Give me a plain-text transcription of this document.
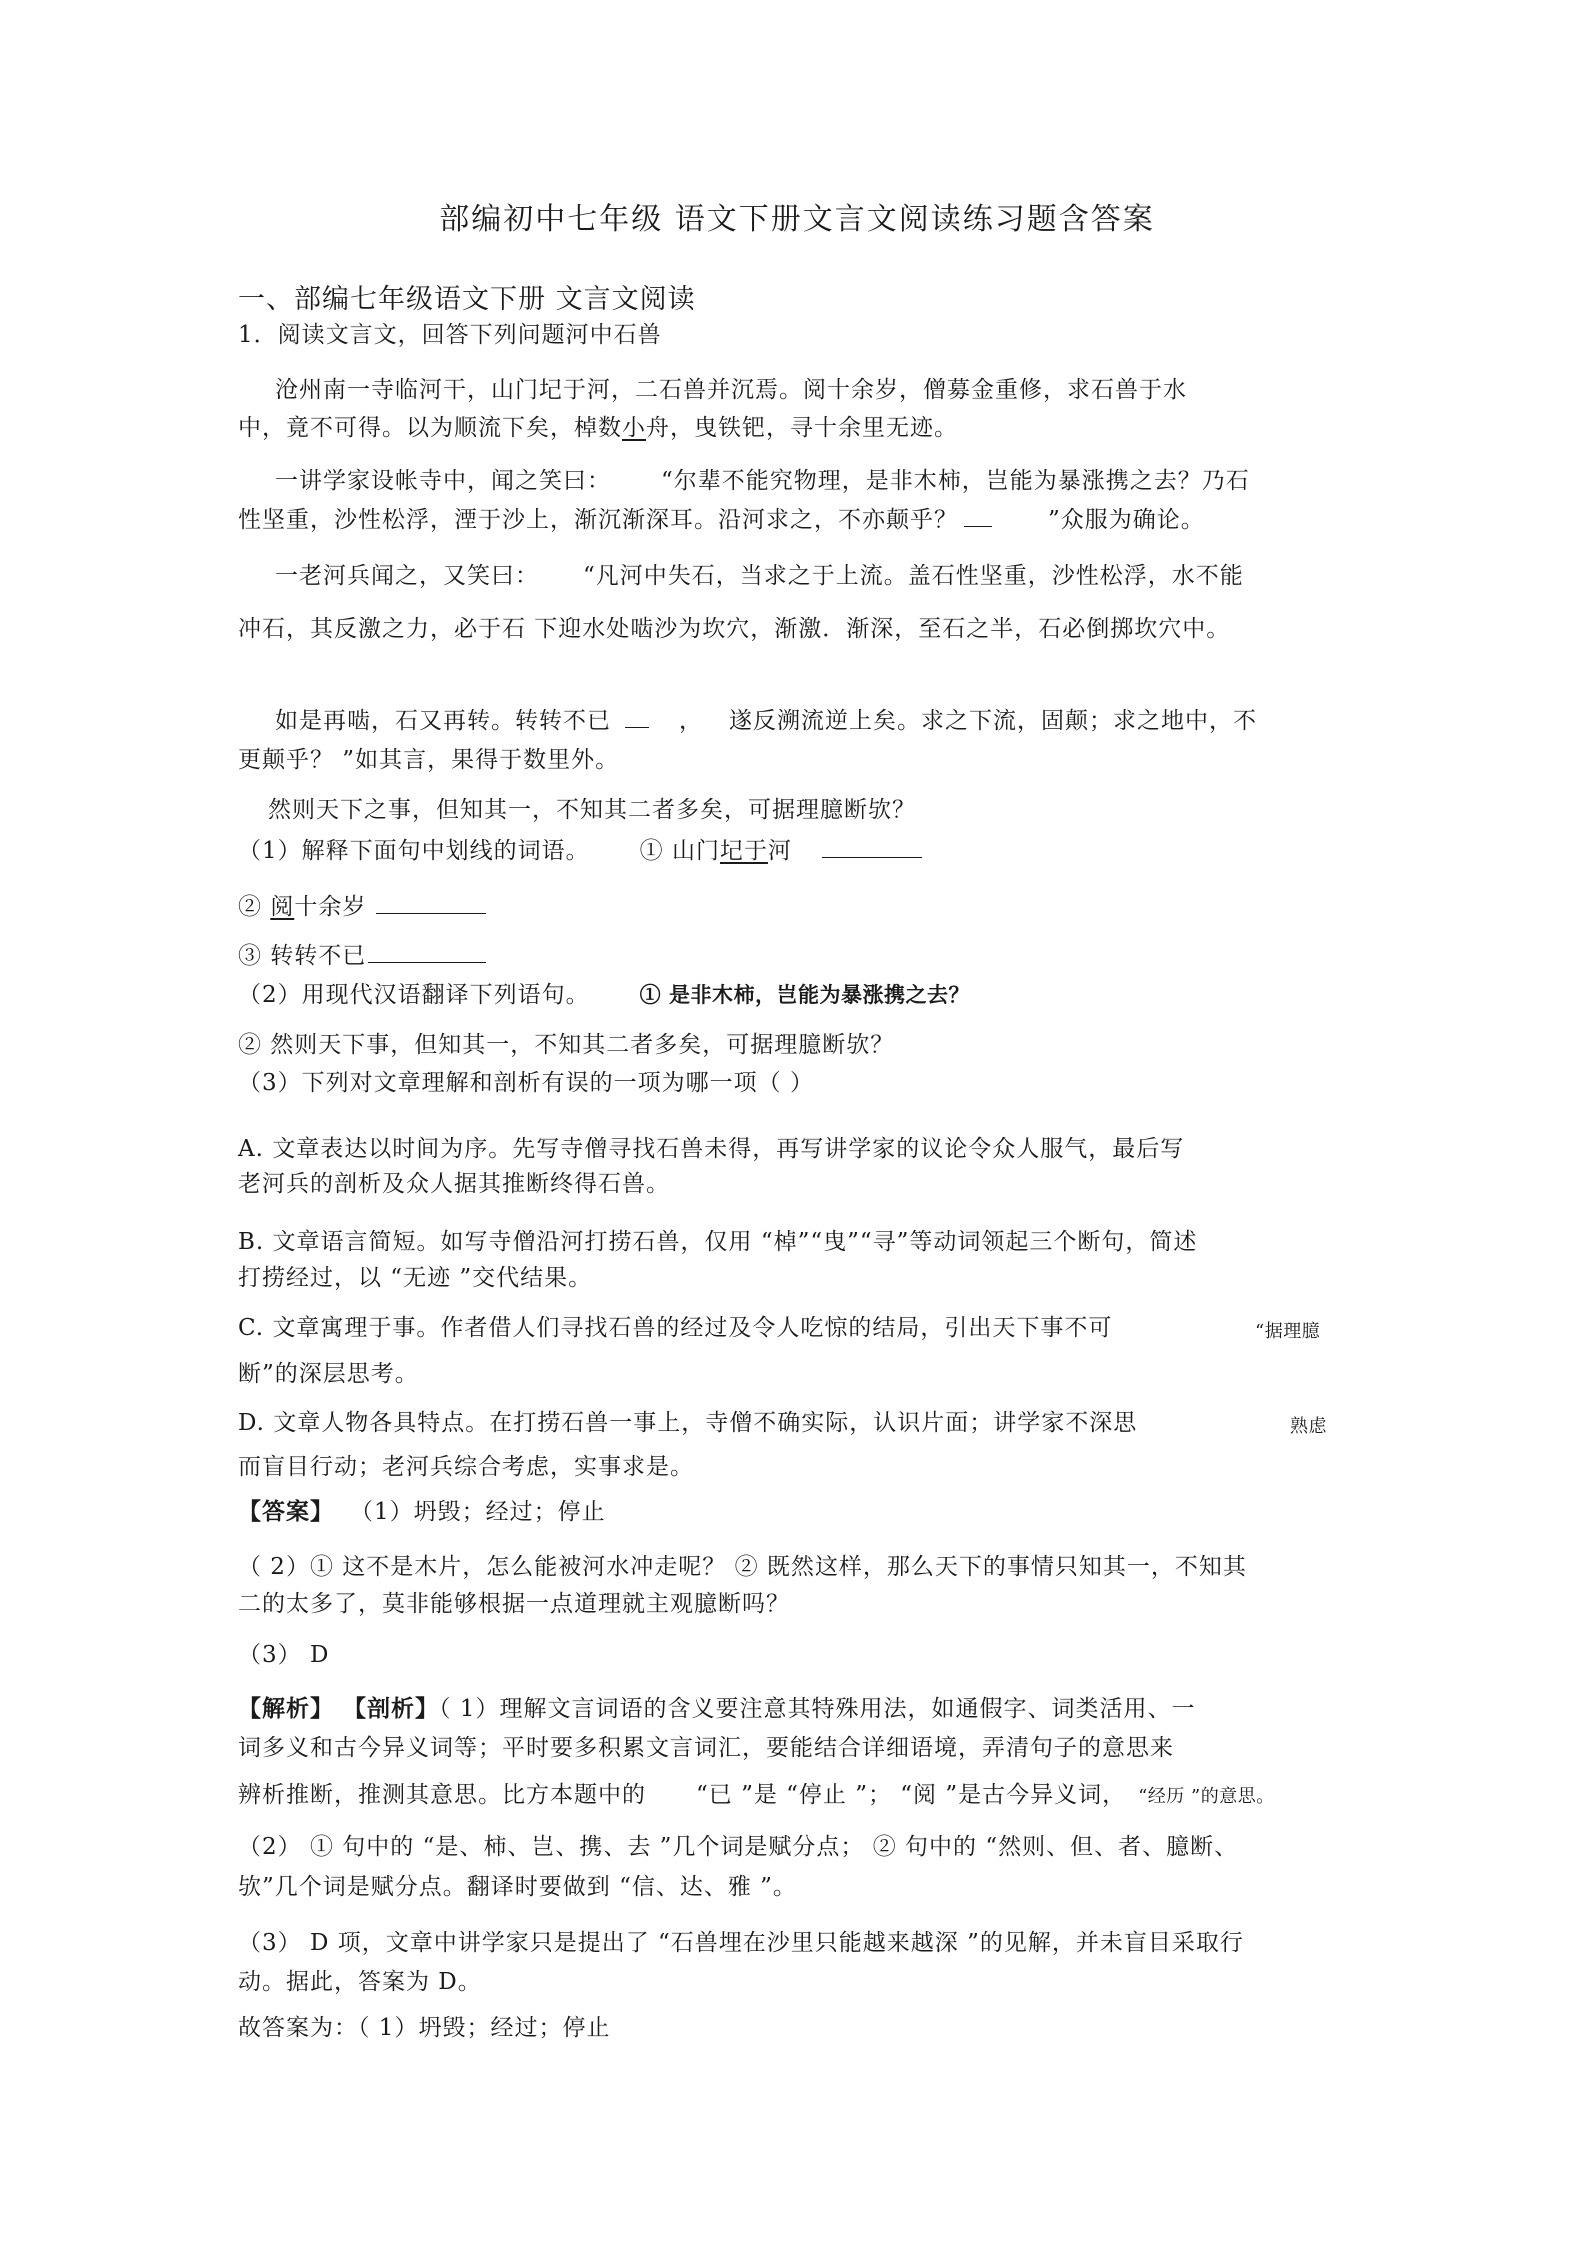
部编初中七年级 语文下册文言文阅读练习题含答案
一、部编七年级语文下册 文言文阅读
1．阅读文言文，回答下列问题河中石兽
沧州南一寺临河干，山门圮于河，二石兽并沉焉。阅十余岁，僧募金重修，求石兽于水
中，竟不可得。以为顺流下矣，棹数小舟，曳铁钯，寻十余里无迹。
一讲学家设帐寺中，闻之笑曰： “尔辈不能究物理，是非木柿，岂能为暴涨携之去？乃石
性坚重，沙性松浮，湮于沙上，渐沉渐深耳。沿河求之，不亦颠乎？	”众服为确论。
一老河兵闻之，又笑曰： “凡河中失石，当求之于上流。盖石性坚重，沙性松浮，水不能
冲石，其反激之力，必于石 下迎水处啮沙为坎穴，渐激．渐深，至石之半，石必倒掷坎穴中。
如是再啮，石又再转。转转不已	， 遂反溯流逆上矣。求之下流，固颠；求之地中，不
更颠乎？ ”如其言，果得于数里外。
然则天下之事，但知其一，不知其二者多矣，可据理臆断欤？
（1）解释下面句中划线的词语。 ① 山门圮于河
② 阅十余岁
③ 转转不已
（2）用现代汉语翻译下列语句。 ① 是非木柿，岂能为暴涨携之去？
② 然则天下事，但知其一，不知其二者多矣，可据理臆断欤？
（3）下列对文章理解和剖析有误的一项为哪一项（ ）
A. 文章表达以时间为序。先写寺僧寻找石兽未得，再写讲学家的议论令众人服气，最后写
老河兵的剖析及众人据其推断终得石兽。
B. 文章语言简短。如写寺僧沿河打捞石兽，仅用 “棹”“曳”“寻”等动词领起三个断句，简述
打捞经过，以 “无迹 ”交代结果。
C. 文章寓理于事。作者借人们寻找石兽的经过及令人吃惊的结局，引出天下事不可	“据理臆
断”的深层思考。
D. 文章人物各具特点。在打捞石兽一事上，寺僧不确实际，认识片面；讲学家不深思	熟虑
而盲目行动；老河兵综合考虑，实事求是。
【答案】 （1）坍毁；经过；停止
（ 2）① 这不是木片，怎么能被河水冲走呢？ ② 既然这样，那么天下的事情只知其一，不知其
二的太多了，莫非能够根据一点道理就主观臆断吗？
（3） D
【解析】 【剖析】（ 1）理解文言词语的含义要注意其特殊用法，如通假字、词类活用、一
词多义和古今异义词等；平时要多积累文言词汇，要能结合详细语境，弄清句子的意思来
辨析推断，推测其意思。比方本题中的 “已 ”是 “停止 ”； “阅 ”是古今异义词， “经历 ”的意思。
（2） ① 句中的 “是、柿、岂、携、去 ”几个词是赋分点； ② 句中的 “然则、但、者、臆断、
欤”几个词是赋分点。翻译时要做到 “信、达、雅 ”。
（3） D 项，文章中讲学家只是提出了 “石兽埋在沙里只能越来越深 ”的见解，并未盲目采取行
动。据此，答案为 D。
故答案为：（ 1）坍毁；经过；停止
